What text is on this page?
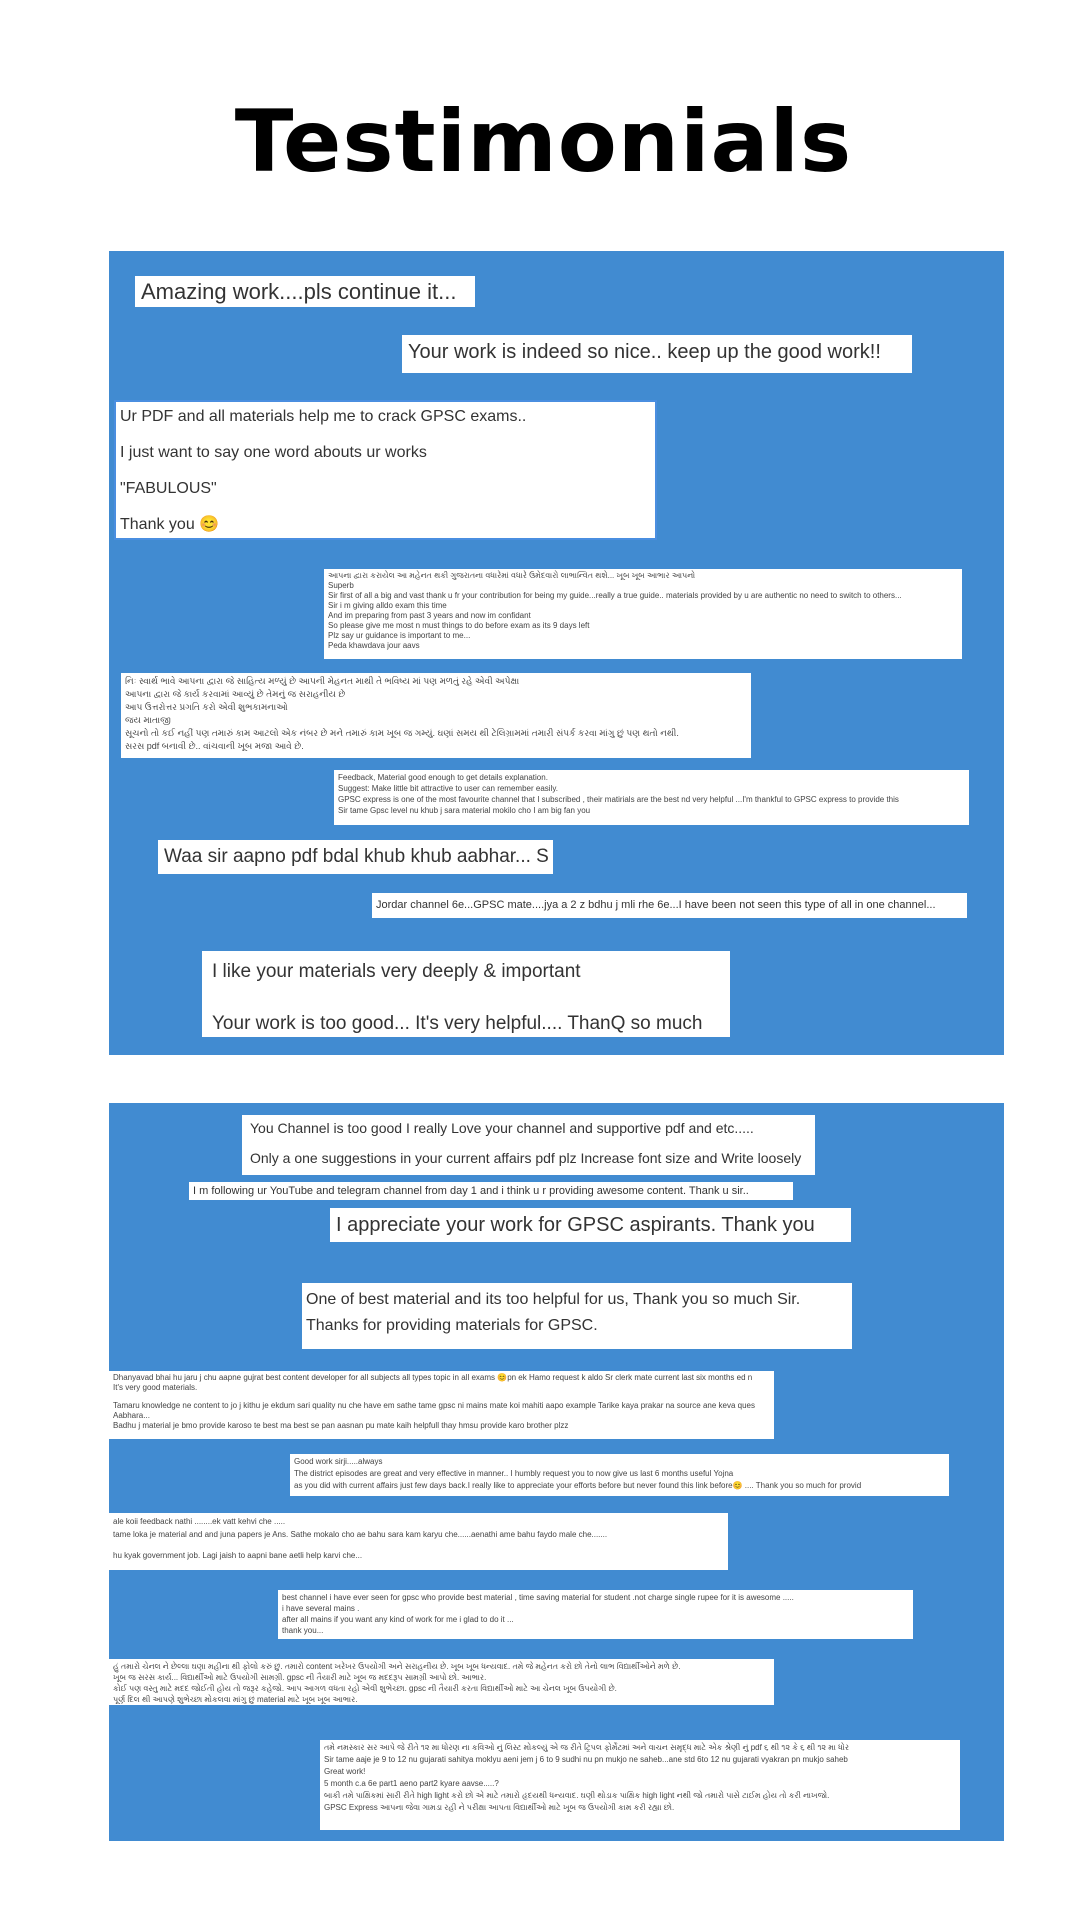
Testimonials
Amazing work....pls continue it...
Your work is indeed so nice.. keep up the good work!!
Ur PDF and all materials help me to crack GPSC exams..
I just want to say one word abouts ur works
"FABULOUS"
Thank you 😊
આપના દ્વારા કરાયેલ આ મહેનત થકી ગુજરાતના વધારેમાં વધારે ઉમેદવારો લાભાન્વિત થશે... ખૂબ ખૂબ આભાર આપનો
Superb
Sir first of all a big and vast thank u fr your contribution for being my guide...really a true guide.. materials provided by u are authentic no need to switch to others...
Sir i m giving alldo exam this time
And im preparing from past 3 years and now im confidant
So please give me most n must things to do before exam as its 9 days left
Plz say ur guidance is important to me...
Peda khawdava jour aavs
નિઃ સ્વાર્થ ભાવે આપના દ્વારા જે સાહિત્ય મળ્યું છે આપની મેહનત માથી તે ભવિષ્ય માં પણ મળતું રહે એવી અપેક્ષા
આપના દ્વારા જે કાર્ય કરવામાં આવ્યું છે તેમનું જ સરાહનીય છે
આપ ઉત્તરોત્તર પ્રગતિ કરો એવી શુભકામનાઓ
જય માતાજી
સૂચનો તો કઈ નહીં પણ તમારું કામ આટલો એક નંબર છે મને તમારું કામ ખૂબ જ ગમ્યું. ઘણાં સમય થી ટેલિગ્રામમાં તમારી સંપર્ક કરવા માંગુ છું પણ થતો નથી.
સરસ pdf બનાવી છે.. વાંચવાની ખૂબ મજા આવે છે.
Feedback, Material good enough to get details explanation.
Suggest: Make little bit attractive to user can remember easily.
GPSC express is one of the most favourite channel that I subscribed , their matirials are the best nd very helpful ...I'm thankful to GPSC express to provide this
Sir tame Gpsc level nu khub j sara material mokilo cho I am big fan you
Waa sir aapno pdf bdal khub khub aabhar... S
Jordar channel 6e...GPSC mate....jya a 2 z bdhu j mli rhe 6e...I have been not seen this type of all in one channel...
I like your materials very deeply & important
Your work is too good... It's very helpful.... ThanQ so much
You Channel is too good I really Love your channel and supportive pdf and etc.....
Only a one suggestions in your current affairs pdf plz Increase font size and Write loosely
I m following ur YouTube and telegram channel from day 1 and i think u r providing awesome content. Thank u sir..
I appreciate your work for GPSC aspirants. Thank you
One of best material and its too helpful for us, Thank you so much Sir.
Thanks for providing materials for GPSC.
Dhanyavad bhai hu jaru j chu aapne gujrat best content developer for all subjects all types topic in all exams 😊pn ek Hamo request k aldo Sr clerk mate current last six months ed n
It's very good materials.
Tamaru knowledge ne content to jo j kithu je ekdum sari quality nu che have em sathe tame gpsc ni mains mate koi mahiti aapo example Tarike kaya prakar na source ane keva ques
Aabhara...
Badhu j material je bmo provide karoso te best ma best se pan aasnan pu mate kaih helpfull thay hmsu provide karo brother plzz
Good work sirji.....always
The district episodes are great and very effective in manner.. I humbly request you to now give us last 6 months useful Yojna
as you did with current affairs just few days back.I really like to appreciate your efforts before but never found this link before😊 .... Thank you so much for provid
ale koii feedback nathi ........ek vatt kehvi che .....
tame loka je material and and juna papers je Ans. Sathe mokalo cho ae bahu sara kam karyu che......aenathi ame bahu faydo male che.......
hu kyak government job. Lagi jaish to aapni bane aetli help karvi che...
best channel i have ever seen for gpsc who provide best material , time saving material for student .not charge single rupee for it is awesome .....
i have several mains .
after all mains if you want any kind of work for me i glad to do it ...
thank you...
હું તમારો ચેનલ ને છેલ્લા ઘણા મહીના થી ફોલો કરું છું. તમારો content ખરેખર ઉપયોગી અને સરાહનીય છે. ખૂબ ખૂબ ધન્યવાદ. તમે જે મહેનત કરો છો તેનો લાભ વિદ્યાર્થીઓને મળે છે.
ખૂબ જ સરસ કાર્ય... વિદ્યાર્થીઓ માટે ઉપયોગી સામગ્રી. gpsc ની તૈયારી માટે ખૂબ જ મદદરૂપ સામગ્રી આપો છો. આભાર.
કોઈ પણ વસ્તુ માટે મદદ જોઈતી હોય તો જરૂર કહેજો. આપ આગળ વધતા રહો એવી શુભેચ્છા. gpsc ની તૈયારી કરતા વિદ્યાર્થીઓ માટે આ ચેનલ ખૂબ ઉપયોગી છે.
પૂર્ણ દિલ થી આપણે શુભેચ્છા મોકલવા માંગુ છું material માટે ખૂબ ખૂબ આભાર.
તમે નમસ્કાર સર આપે જે રીતે ૧૨ મા ધોરણ ના કવિઓ નું લિસ્ટ મોકલ્યું એ જ રીતે ટ્રિપલ ફોર્મેટમાં અને વાચન સમૃદ્ધ માટે એક શ્રેણી નું pdf ૬ થી ૧૨ કે ૬ થી ૧૨ મા ધોર
Sir tame aaje je 9 to 12 nu gujarati sahitya moklyu aeni jem j 6 to 9 sudhi nu pn mukjo ne saheb...ane std 6to 12 nu gujarati vyakran pn mukjo saheb
Great work!
5 month c.a 6e part1 aeno part2 kyare aavse.....?
બાકી તમે પાક્ષિકમાં સારી રીતે high light કરો છો એ માટે તમારો હૃદયથી ધન્યવાદ. ઘણી થોડાક પાક્ષિક high light નથી જો તમારો પાસે ટાઈમ હોય તો કરી નાખજો.
GPSC Express આપના જેવા ગામડા રહી ને પરીક્ષા આપતા વિદ્યાર્થીઓ માટે ખૂબ જ ઉપયોગી કામ કરી રહ્યા છો.
